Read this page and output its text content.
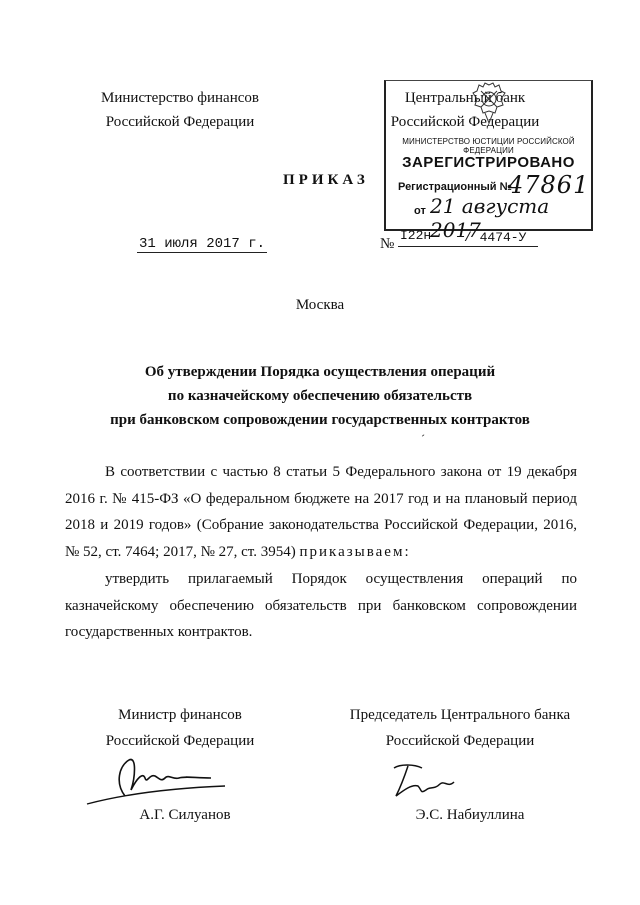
Министерство финансов
Российской Федерации
Центральный банк
Российской Федерации
МИНИСТЕРСТВО ЮСТИЦИИ РОССИЙСКОЙ ФЕДЕРАЦИИ
ЗАРЕГИСТРИРОВАНО
Регистрационный №
47861
от 21 августа 2017
ПРИКАЗ
31 июля 2017 г.	№
I22н	/ 4474-У
Москва
Об утверждении Порядка осуществления операций
по казначейскому обеспечению обязательств
при банковском сопровождении государственных контрактов
ˊ
В соответствии с частью 8 статьи 5 Федерального закона от 19 декабря 2016 г. № 415-ФЗ «О федеральном бюджете на 2017 год и на плановый период 2018 и 2019 годов» (Собрание законодательства Российской Федерации, 2016, № 52, ст. 7464; 2017, № 27, ст. 3954) приказываем:
утвердить прилагаемый Порядок осуществления операций по казначейскому обеспечению обязательств при банковском сопровождении государственных контрактов.
Министр финансов
Российской Федерации
А.Г. Силуанов
Председатель Центрального банка
Российской Федерации
Э.С. Набиуллина
